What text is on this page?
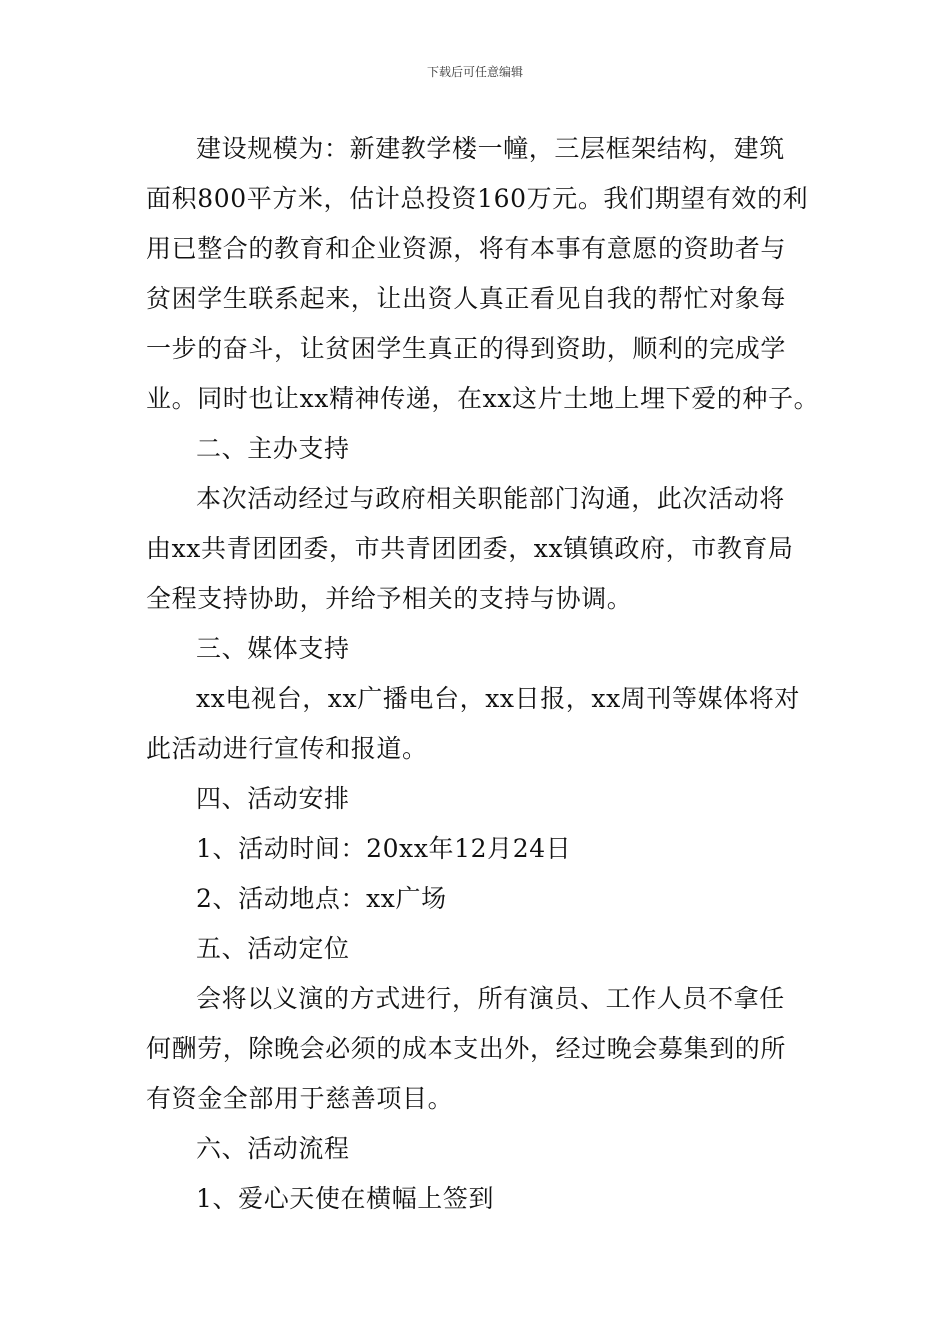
下载后可任意编辑
建设规模为：新建教学楼一幢，三层框架结构，建筑
面积800平方米，估计总投资160万元。我们期望有效的利
用已整合的教育和企业资源，将有本事有意愿的资助者与
贫困学生联系起来，让出资人真正看见自我的帮忙对象每
一步的奋斗，让贫困学生真正的得到资助，顺利的完成学
业。同时也让xx精神传递，在xx这片土地上埋下爱的种子。
二、主办支持
本次活动经过与政府相关职能部门沟通，此次活动将
由xx共青团团委，市共青团团委，xx镇镇政府，市教育局
全程支持协助，并给予相关的支持与协调。
三、媒体支持
xx电视台，xx广播电台，xx日报，xx周刊等媒体将对
此活动进行宣传和报道。
四、活动安排
1、活动时间：20xx年12月24日
2、活动地点：xx广场
五、活动定位
会将以义演的方式进行，所有演员、工作人员不拿任
何酬劳，除晚会必须的成本支出外，经过晚会募集到的所
有资金全部用于慈善项目。
六、活动流程
1、爱心天使在横幅上签到
